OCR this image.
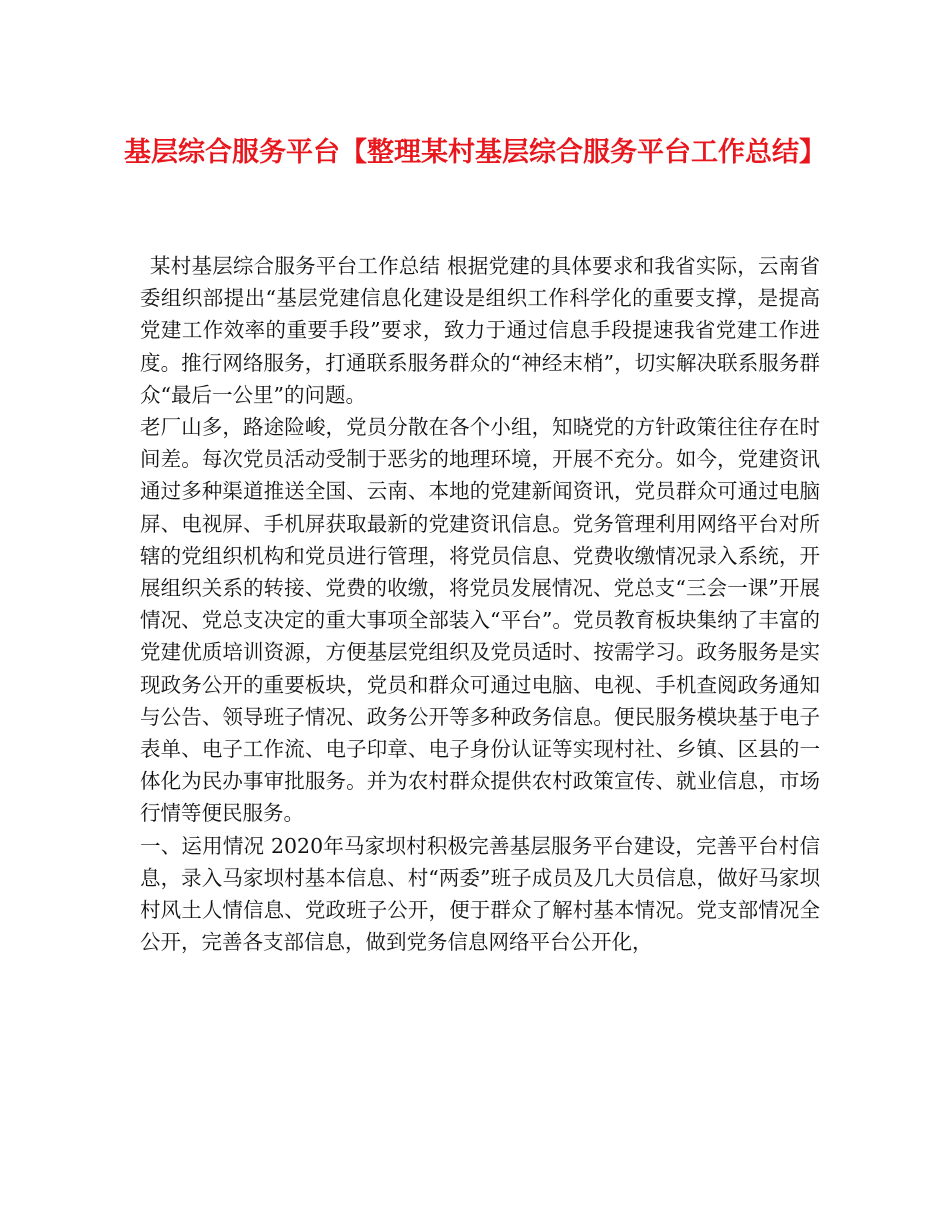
基层综合服务平台【整理某村基层综合服务平台工作总结】

某村基层综合服务平台工作总结 根据党建的具体要求和我省实际，云南省委组织部提出“基层党建信息化建设是组织工作科学化的重要支撑，是提高党建工作效率的重要手段”要求，致力于通过信息手段提速我省党建工作进度。推行网络服务，打通联系服务群众的“神经末梢”，切实解决联系服务群众“最后一公里”的问题。

老厂山多，路途险峻，党员分散在各个小组，知晓党的方针政策往往存在时间差。每次党员活动受制于恶劣的地理环境，开展不充分。如今，党建资讯通过多种渠道推送全国、云南、本地的党建新闻资讯，党员群众可通过电脑屏、电视屏、手机屏获取最新的党建资讯信息。党务管理利用网络平台对所辖的党组织机构和党员进行管理，将党员信息、党费收缴情况录入系统，开展组织关系的转接、党费的收缴，将党员发展情况、党总支“三会一课”开展情况、党总支决定的重大事项全部装入“平台”。党员教育板块集纳了丰富的党建优质培训资源，方便基层党组织及党员适时、按需学习。政务服务是实现政务公开的重要板块，党员和群众可通过电脑、电视、手机查阅政务通知与公告、领导班子情况、政务公开等多种政务信息。便民服务模块基于电子表单、电子工作流、电子印章、电子身份认证等实现村社、乡镇、区县的一体化为民办事审批服务。并为农村群众提供农村政策宣传、就业信息，市场行情等便民服务。

一、运用情况 2020年马家坝村积极完善基层服务平台建设，完善平台村信息，录入马家坝村基本信息、村“两委”班子成员及几大员信息，做好马家坝村风土人情信息、党政班子公开，便于群众了解村基本情况。党支部情况全公开，完善各支部信息，做到党务信息网络平台公开化，
